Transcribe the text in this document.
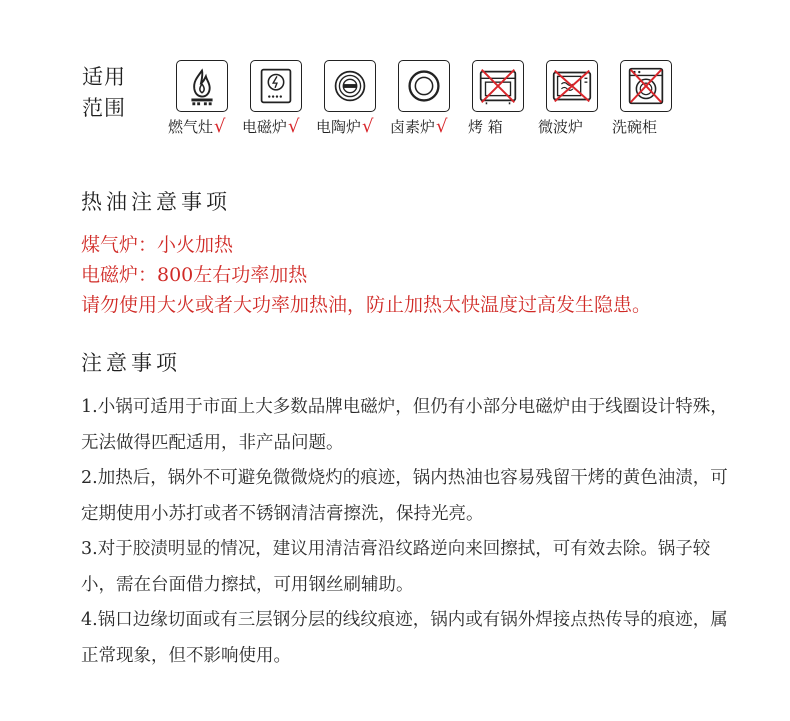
适用
范围
燃气灶√	电磁炉√	电陶炉√	卤素炉√	烤 箱	微波炉	洗碗柜
热油注意事项
煤气炉：小火加热
电磁炉：800左右功率加热
请勿使用大火或者大功率加热油，防止加热太快温度过高发生隐患。
注意事项

1.小锅可适用于市面上大多数品牌电磁炉，但仍有小部分电磁炉由于线圈设计特殊，无法做得匹配适用，非产品问题。

2.加热后，锅外不可避免微微烧灼的痕迹，锅内热油也容易残留干烤的黄色油渍，可定期使用小苏打或者不锈钢清洁膏擦洗，保持光亮。

3.对于胶渍明显的情况，建议用清洁膏沿纹路逆向来回擦拭，可有效去除。锅子较小，需在台面借力擦拭，可用钢丝刷辅助。

4.锅口边缘切面或有三层钢分层的线纹痕迹，锅内或有锅外焊接点热传导的痕迹，属正常现象，但不影响使用。
